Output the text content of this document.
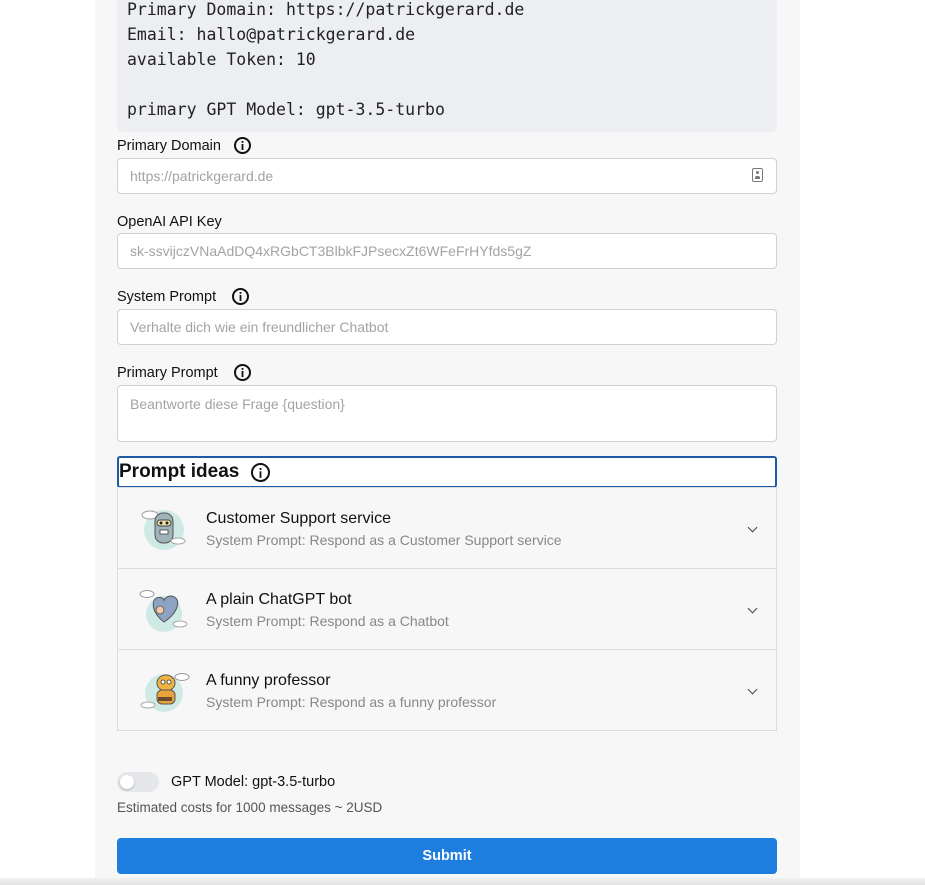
Primary Domain: https://patrickgerard.de
Email: hallo@patrickgerard.de
available Token: 10
primary GPT Model: gpt-3.5-turbo
Primary Domain
https://patrickgerard.de
OpenAI API Key
sk-ssvijczVNaAdDQ4xRGbCT3BlbkFJPsecxZt6WFeFrHYfds5gZ
System Prompt
Verhalte dich wie ein freundlicher Chatbot
Primary Prompt
Beantworte diese Frage {question}
Prompt ideas
Customer Support service
System Prompt: Respond as a Customer Support service
A plain ChatGPT bot
System Prompt: Respond as a Chatbot
A funny professor
System Prompt: Respond as a funny professor
GPT Model: gpt-3.5-turbo
Estimated costs for 1000 messages ~ 2USD
Submit
